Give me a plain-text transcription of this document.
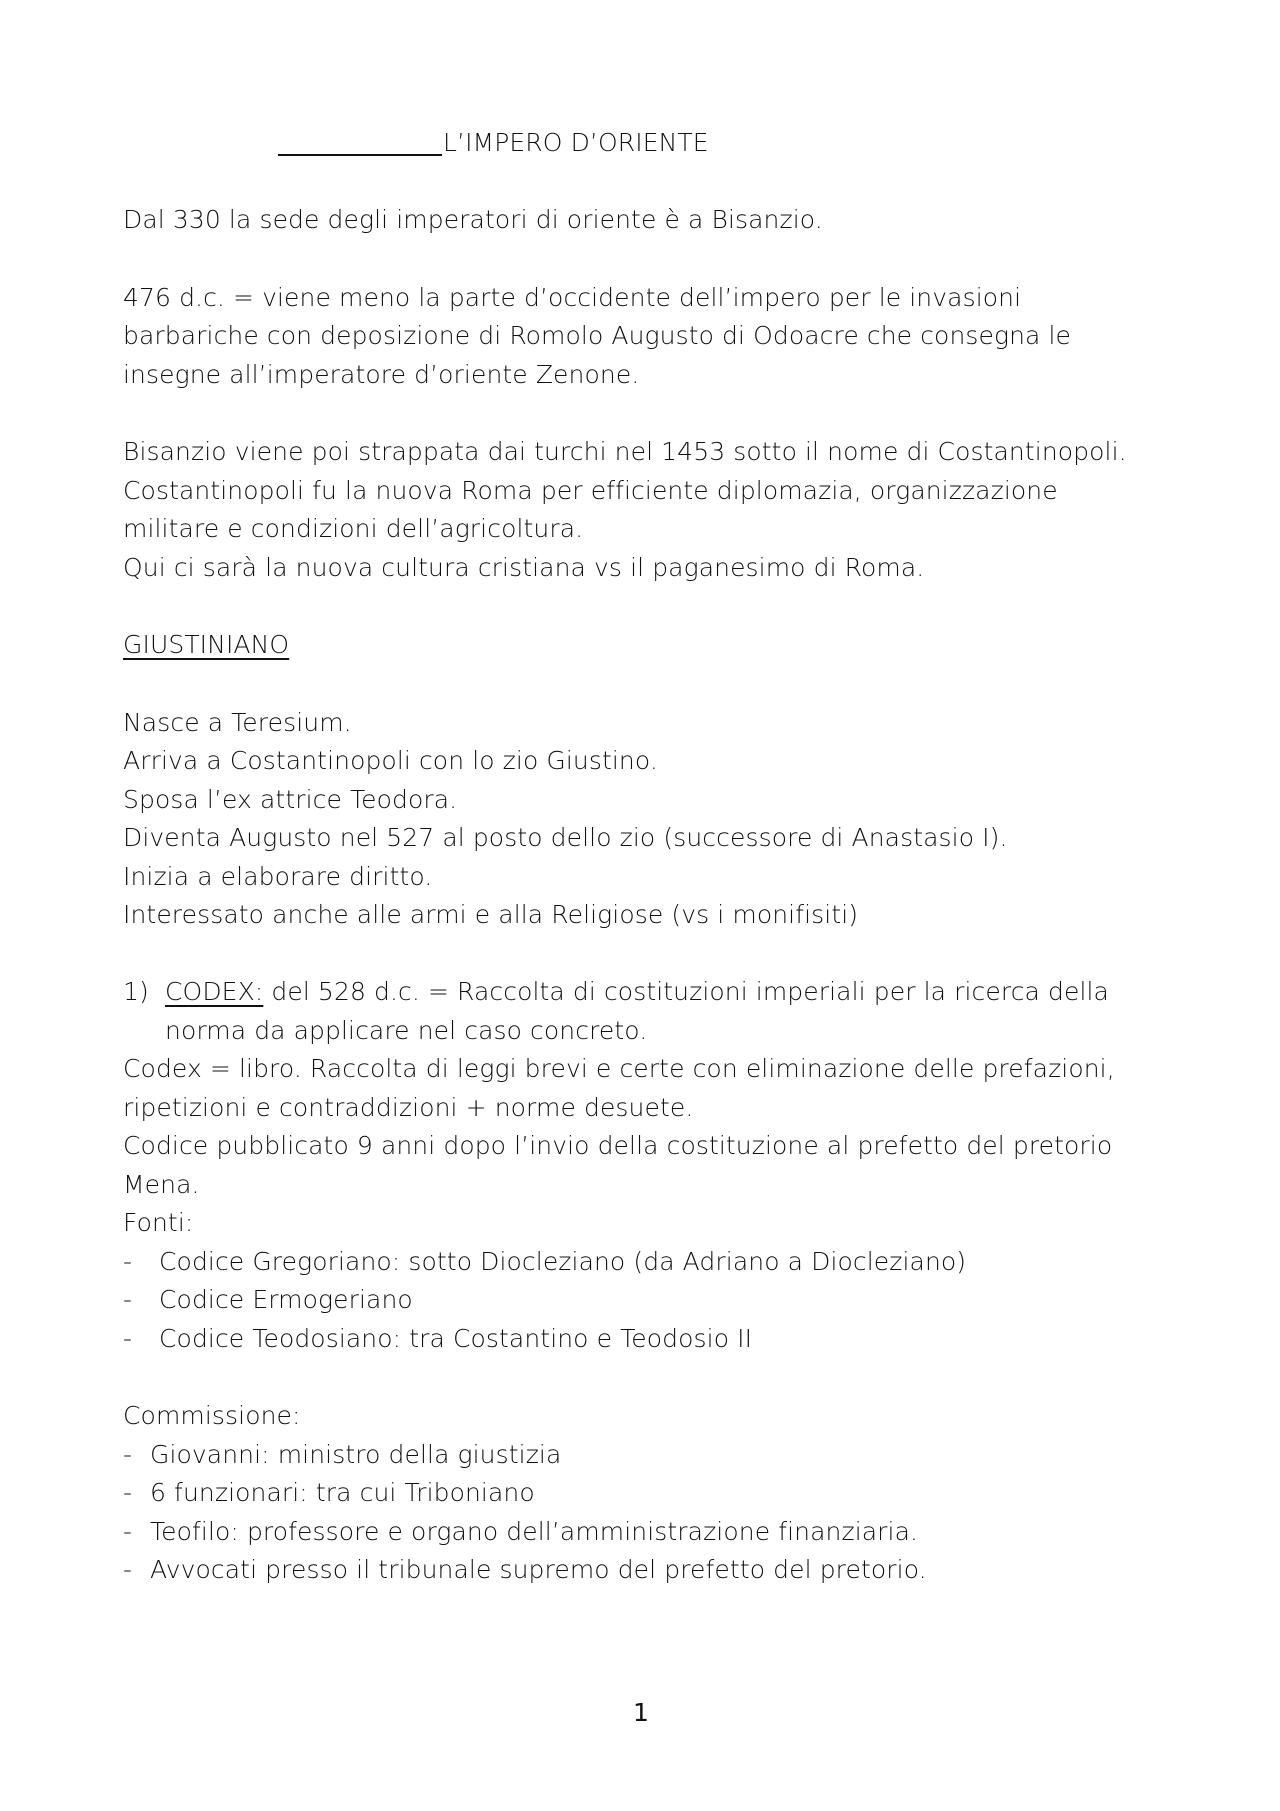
L’IMPERO D’ORIENTE
Dal 330 la sede degli imperatori di oriente è a Bisanzio.
476 d.c. = viene meno la parte d’occidente dell’impero per le invasioni
barbariche con deposizione di Romolo Augusto di Odoacre che consegna le
insegne all’imperatore d’oriente Zenone.
Bisanzio viene poi strappata dai turchi nel 1453 sotto il nome di Costantinopoli.
Costantinopoli fu la nuova Roma per efficiente diplomazia, organizzazione
militare e condizioni dell’agricoltura.
Qui ci sarà la nuova cultura cristiana vs il paganesimo di Roma.
GIUSTINIANO
Nasce a Teresium.
Arriva a Costantinopoli con lo zio Giustino.
Sposa l’ex attrice Teodora.
Diventa Augusto nel 527 al posto dello zio (successore di Anastasio I).
Inizia a elaborare diritto.
Interessato anche alle armi e alla Religiose (vs i monifisiti)
1) CODEX: del 528 d.c. = Raccolta di costituzioni imperiali per la ricerca della
norma da applicare nel caso concreto.
Codex = libro. Raccolta di leggi brevi e certe con eliminazione delle prefazioni,
ripetizioni e contraddizioni + norme desuete.
Codice pubblicato 9 anni dopo l’invio della costituzione al prefetto del pretorio
Mena.
Fonti:
- Codice Gregoriano: sotto Diocleziano (da Adriano a Diocleziano)
- Codice Ermogeriano
- Codice Teodosiano: tra Costantino e Teodosio II
Commissione:
- Giovanni: ministro della giustizia
- 6 funzionari: tra cui Triboniano
- Teofilo: professore e organo dell’amministrazione finanziaria.
- Avvocati presso il tribunale supremo del prefetto del pretorio.
1
